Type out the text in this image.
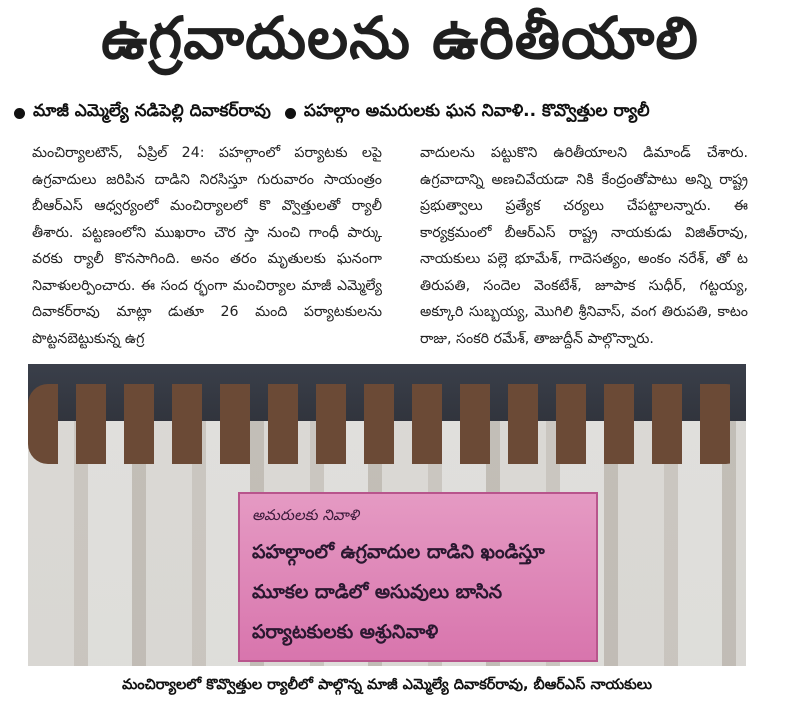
ఉగ్రవాదులను ఉరితీయాలి
మాజీ ఎమ్మెల్యే నడిపెల్లి దివాకర్‌రావు పహల్గాం అమరులకు ఘన నివాళి.. కొవ్వొత్తుల ర్యాలీ

మంచిర్యాలటౌన్, ఏప్రిల్ 24: పహల్గాంలో పర్యాటకు లపై ఉగ్రవాదులు జరిపిన దాడిని నిరసిస్తూ గురువారం సాయంత్రం బీఆర్ఎస్ ఆధ్వర్యంలో మంచిర్యాలలో కొ వ్వొత్తులతో ర్యాలీ తీశారు. పట్టణంలోని ముఖరాం చౌర స్తా నుంచి గాంధీ పార్కు వరకు ర్యాలీ కొనసాగింది. అనం తరం మృతులకు ఘనంగా నివాళులర్పించారు. ఈ సంద ర్భంగా మంచిర్యాల మాజీ ఎమ్మెల్యే దివాకర్‌రావు మాట్లా డుతూ 26 మంది పర్యాటకులను పొట్టనబెట్టుకున్న ఉగ్ర

వాదులను పట్టుకొని ఉరితీయాలని డిమాండ్ చేశారు. ఉగ్రవాదాన్ని అణచివేయడా నికి కేంద్రంతోపాటు అన్ని రాష్ట్ర ప్రభుత్వాలు ప్రత్యేక చర్యలు చేపట్టాలన్నారు. ఈ కార్యక్రమంలో బీఆర్ఎస్ రాష్ట్ర నాయకుడు విజిత్‌రావు, నాయకులు పల్లె భూమేశ్, గాదెసత్యం, అంకం నరేశ్, తో ట తిరుపతి, సందెల వెంకటేశ్, జూపాక సుధీర్, గట్టయ్య, అక్కూరి సుబ్బయ్య, మొగిలి శ్రీనివాస్, వంగ తిరుపతి, కాటం రాజు, సంకరి రమేశ్, తాజుద్దీన్ పాల్గొన్నారు.

అమరులకు నివాళి
పహల్గాంలో ఉగ్రవాదుల దాడిని ఖండిస్తూ
మూకల దాడిలో అసువులు బాసిన
పర్యాటకులకు అశ్రునివాళి
మంచిర్యాలలో కొవ్వొత్తుల ర్యాలీలో పాల్గొన్న మాజీ ఎమ్మెల్యే దివాకర్‌రావు, బీఆర్ఎస్ నాయకులు
